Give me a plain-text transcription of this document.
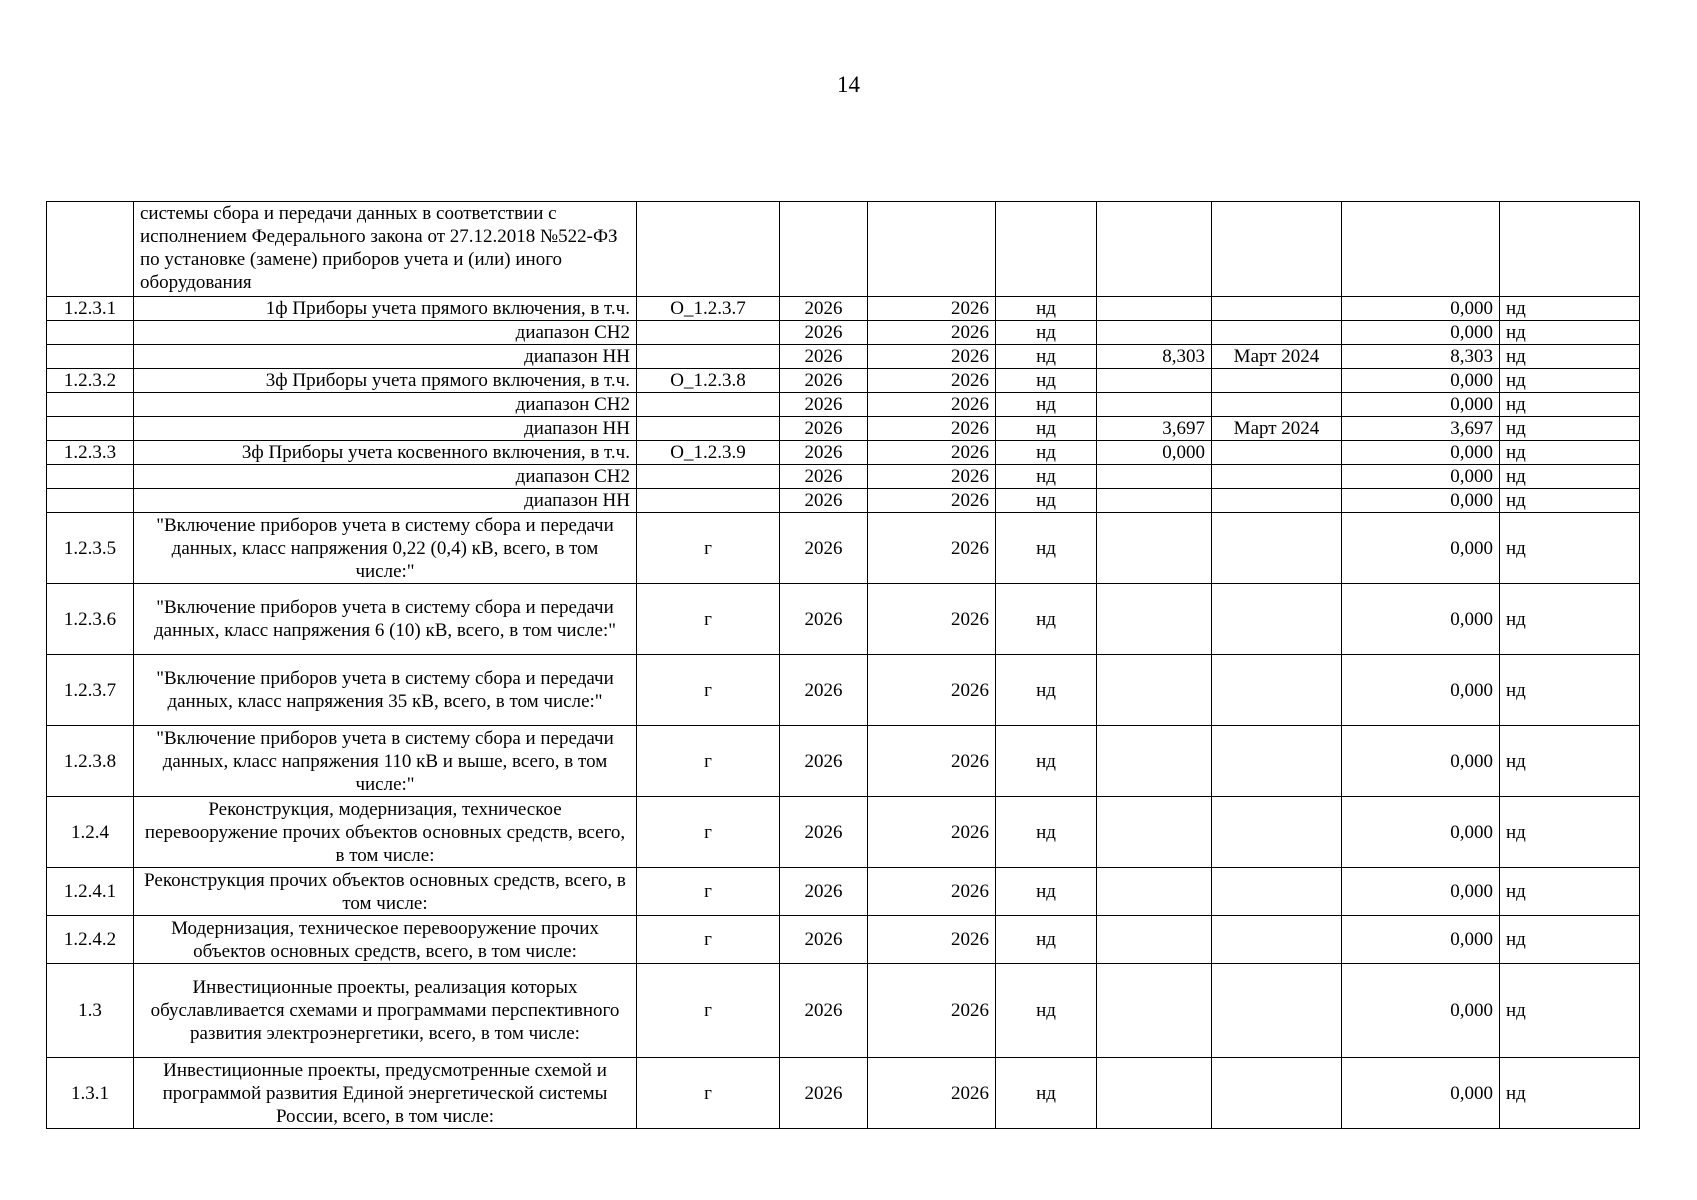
14
	системы сбора и передачи данных в соответствии с исполнением Федерального закона от 27.12.2018 №522-ФЗ по установке (замене) приборов учета и (или) иного оборудования								
1.2.3.1	1ф Приборы учета прямого включения, в т.ч.	О_1.2.3.7	2026	2026	нд			0,000	нд
	диапазон СН2		2026	2026	нд			0,000	нд
	диапазон НН		2026	2026	нд	8,303	Март 2024	8,303	нд
1.2.3.2	3ф Приборы учета прямого включения, в т.ч.	О_1.2.3.8	2026	2026	нд			0,000	нд
	диапазон СН2		2026	2026	нд			0,000	нд
	диапазон НН		2026	2026	нд	3,697	Март 2024	3,697	нд
1.2.3.3	3ф Приборы учета косвенного включения, в т.ч.	О_1.2.3.9	2026	2026	нд	0,000		0,000	нд
	диапазон СН2		2026	2026	нд			0,000	нд
	диапазон НН		2026	2026	нд			0,000	нд
1.2.3.5	"Включение приборов учета в систему сбора и передачи данных, класс напряжения 0,22 (0,4) кВ, всего, в том числе:"	г	2026	2026	нд			0,000	нд
1.2.3.6	"Включение приборов учета в систему сбора и передачи данных, класс напряжения 6 (10) кВ, всего, в том числе:"	г	2026	2026	нд			0,000	нд
1.2.3.7	"Включение приборов учета в систему сбора и передачи данных, класс напряжения 35 кВ, всего, в том числе:"	г	2026	2026	нд			0,000	нд
1.2.3.8	"Включение приборов учета в систему сбора и передачи данных, класс напряжения 110 кВ и выше, всего, в том числе:"	г	2026	2026	нд			0,000	нд
1.2.4	Реконструкция, модернизация, техническое перевооружение прочих объектов основных средств, всего, в том числе:	г	2026	2026	нд			0,000	нд
1.2.4.1	Реконструкция прочих объектов основных средств, всего, в том числе:	г	2026	2026	нд			0,000	нд
1.2.4.2	Модернизация, техническое перевооружение прочих объектов основных средств, всего, в том числе:	г	2026	2026	нд			0,000	нд
1.3	Инвестиционные проекты, реализация которых обуславливается схемами и программами перспективного развития электроэнергетики, всего, в том числе:	г	2026	2026	нд			0,000	нд
1.3.1	Инвестиционные проекты, предусмотренные схемой и программой развития Единой энергетической системы России, всего, в том числе:	г	2026	2026	нд			0,000	нд
